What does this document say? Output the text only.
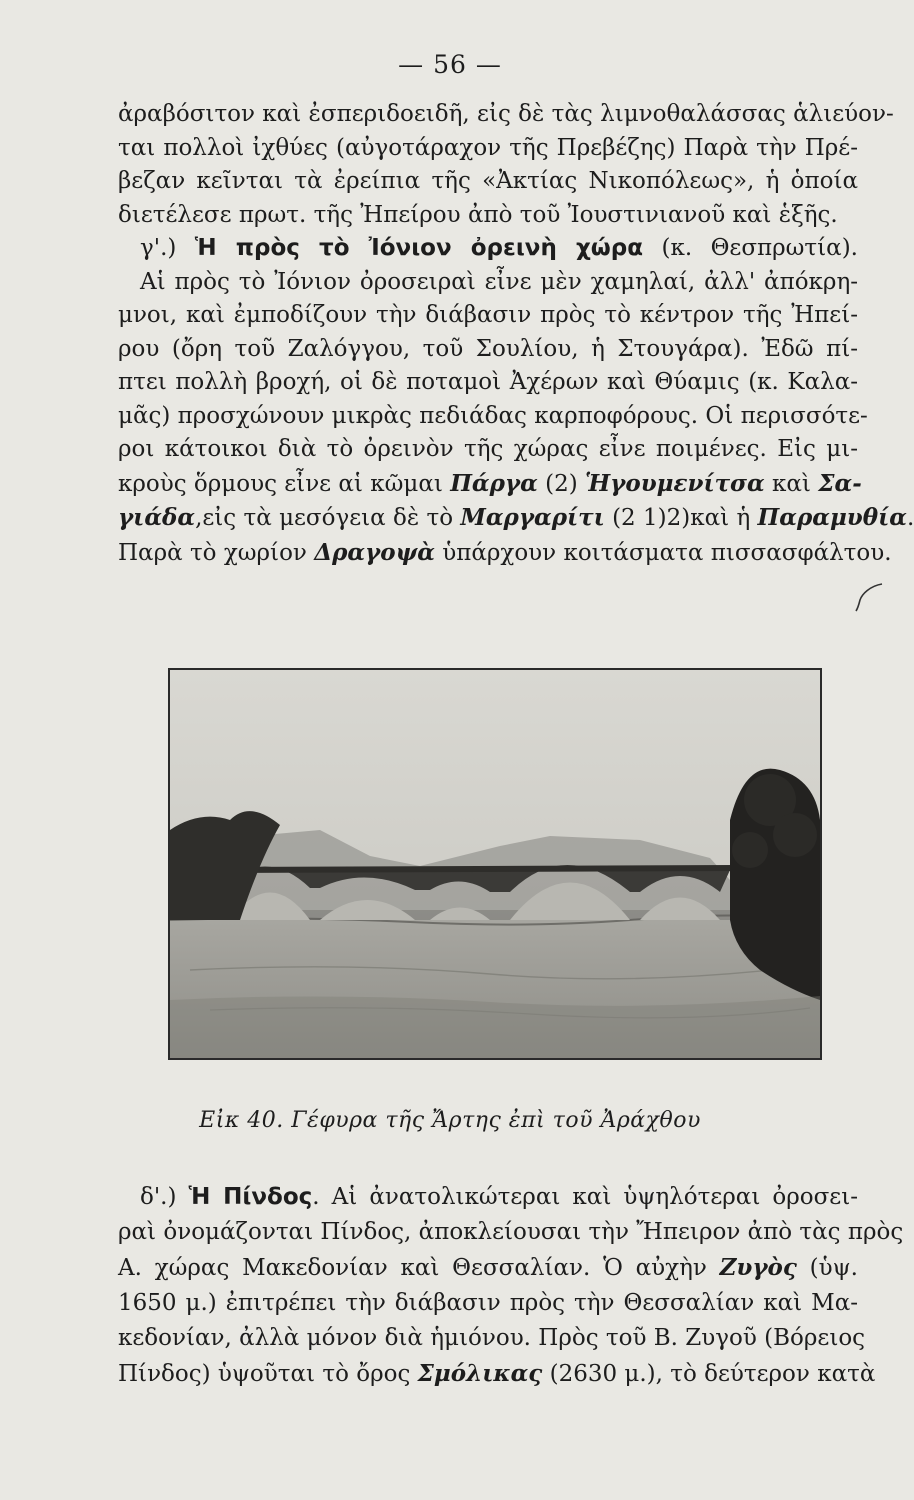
— 56 —
ἀραβόσιτον καὶ ἐσπεριδοειδῆ, εἰς δὲ τὰς λιμνοθαλάσσας ἁλιεύον-
ται πολλοὶ ἰχθύες (αὐγοτάραχον τῆς Πρεβέζης) Παρὰ τὴν Πρέ-
βεζαν κεῖνται τὰ ἐρείπια τῆς «Ἀκτίας Νικοπόλεως», ἡ ὁποία
διετέλεσε πρωτ. τῆς Ἠπείρου ἀπὸ τοῦ Ἰουστινιανοῦ καὶ ἑξῆς.
γ'.) Ἡ πρὸς τὸ Ἰόνιον ὀρεινὴ χώρα (κ. Θεσπρωτία).
Αἱ πρὸς τὸ Ἰόνιον ὀροσειραὶ εἶνε μὲν χαμηλαί, ἀλλ' ἀπόκρη-
μνοι, καὶ ἐμποδίζουν τὴν διάβασιν πρὸς τὸ κέντρον τῆς Ἠπεί-
ρου (ὄρη τοῦ Ζαλόγγου, τοῦ Σουλίου, ἡ Στουγάρα). Ἐδῶ πί-
πτει πολλὴ βροχή, οἱ δὲ ποταμοὶ Ἀχέρων καὶ Θύαμις (κ. Καλα-
μᾶς) προσχώνουν μικρὰς πεδιάδας καρποφόρους. Οἱ περισσότε-
ροι κάτοικοι διὰ τὸ ὀρεινὸν τῆς χώρας εἶνε ποιμένες. Εἰς μι-
κροὺς ὅρμους εἶνε αἱ κῶμαι Πάργα (2) Ἡγουμενίτσα καὶ Σα-
γιάδα,εἰς τὰ μεσόγεια δὲ τὸ Μαργαρίτι (2 1)2)καὶ ἡ Παραμυθία.
Παρὰ τὸ χωρίον Δραγοψὰ ὑπάρχουν κοιτάσματα πισσασφάλτου.
Εἰκ 40. Γέφυρα τῆς Ἄρτης ἐπὶ τοῦ Ἀράχθου
δ'.) Ἡ Πίνδος. Αἱ ἀνατολικώτεραι καὶ ὑψηλότεραι ὀροσει-
ραὶ ὀνομάζονται Πίνδος, ἀποκλείουσαι τὴν Ἤπειρον ἀπὸ τὰς πρὸς
Α. χώρας Μακεδονίαν καὶ Θεσσαλίαν. Ὁ αὐχὴν Ζυγὸς (ὑψ.
1650 μ.) ἐπιτρέπει τὴν διάβασιν πρὸς τὴν Θεσσαλίαν καὶ Μα-
κεδονίαν, ἀλλὰ μόνον διὰ ἡμιόνου. Πρὸς τοῦ Β. Ζυγοῦ (Βόρειος
Πίνδος) ὑψοῦται τὸ ὄρος Σμόλικας (2630 μ.), τὸ δεύτερον κατὰ
